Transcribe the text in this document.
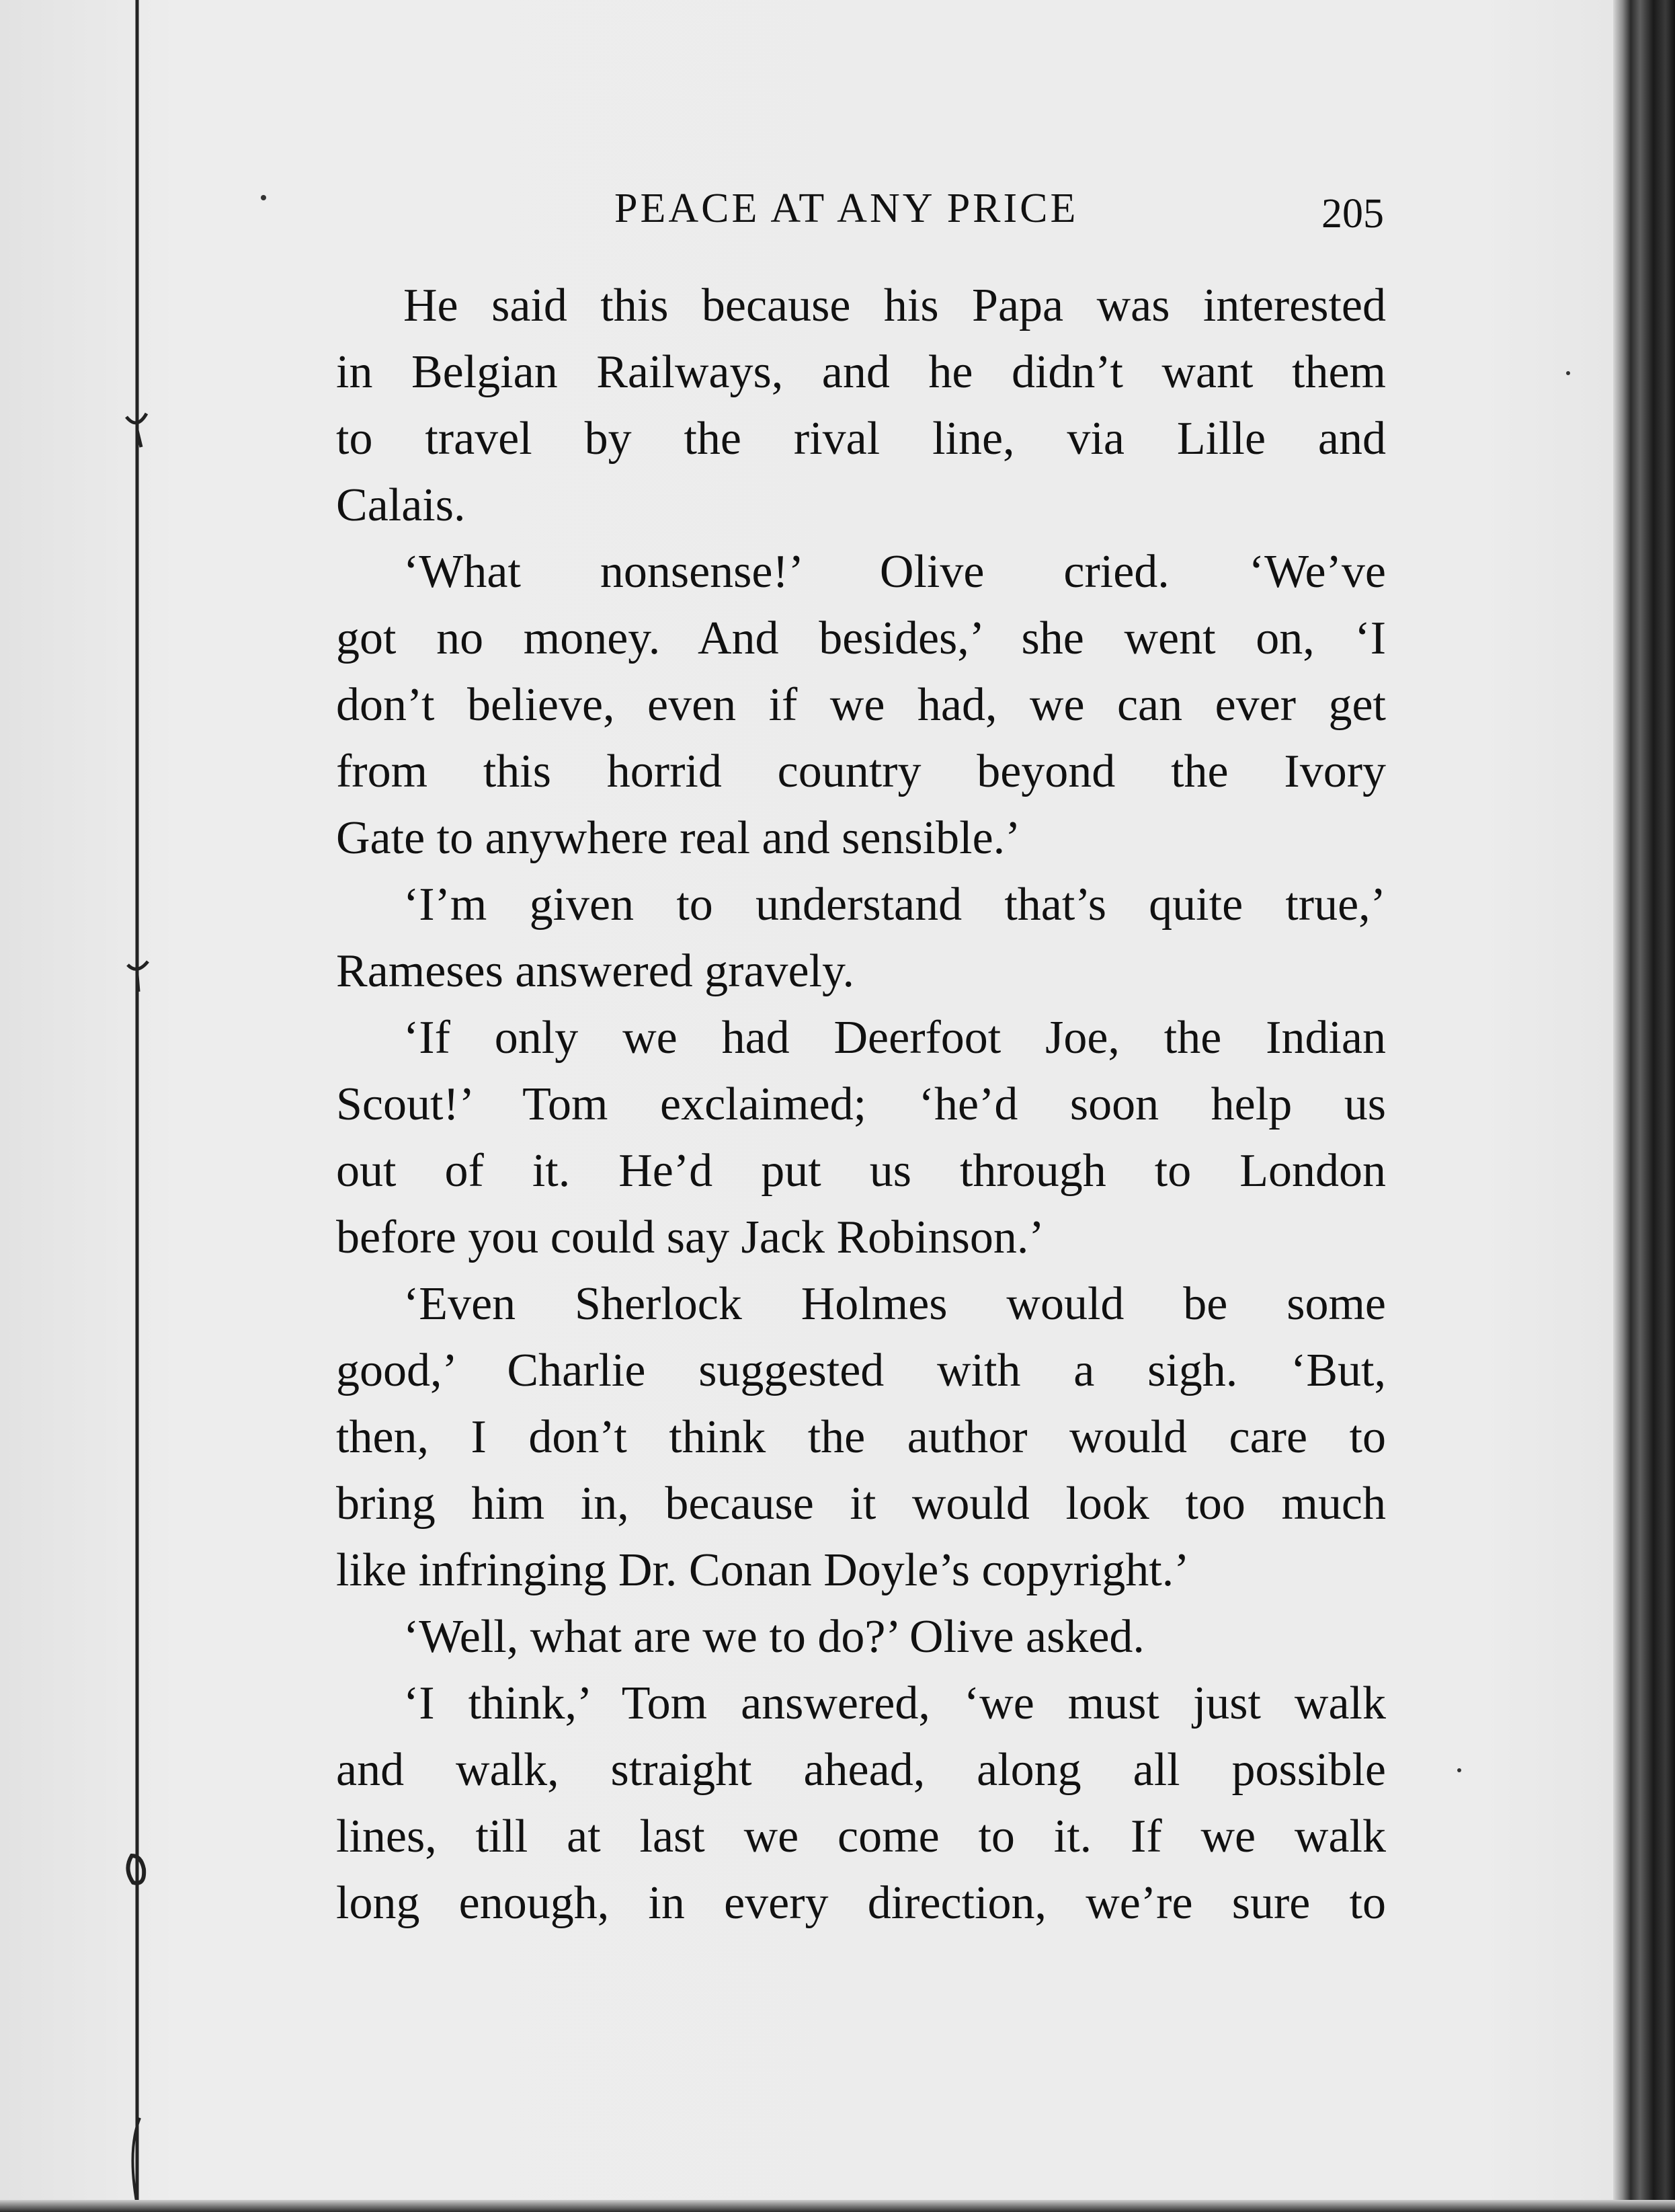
PEACE AT ANY PRICE	205
He said this because his Papa was interested
in Belgian Railways, and he didn’t want them
to travel by the rival line, via Lille and
Calais.
‘What nonsense!’ Olive cried. ‘We’ve
got no money. And besides,’ she went on, ‘I
don’t believe, even if we had, we can ever get
from this horrid country beyond the Ivory
Gate to anywhere real and sensible.’
‘I’m given to understand that’s quite true,’
Rameses answered gravely.
‘If only we had Deerfoot Joe, the Indian
Scout!’ Tom exclaimed; ‘he’d soon help us
out of it. He’d put us through to London
before you could say Jack Robinson.’
‘Even Sherlock Holmes would be some
good,’ Charlie suggested with a sigh. ‘But,
then, I don’t think the author would care to
bring him in, because it would look too much
like infringing Dr. Conan Doyle’s copyright.’
‘Well, what are we to do?’ Olive asked.
‘I think,’ Tom answered, ‘we must just walk
and walk, straight ahead, along all possible
lines, till at last we come to it. If we walk
long enough, in every direction, we’re sure to
